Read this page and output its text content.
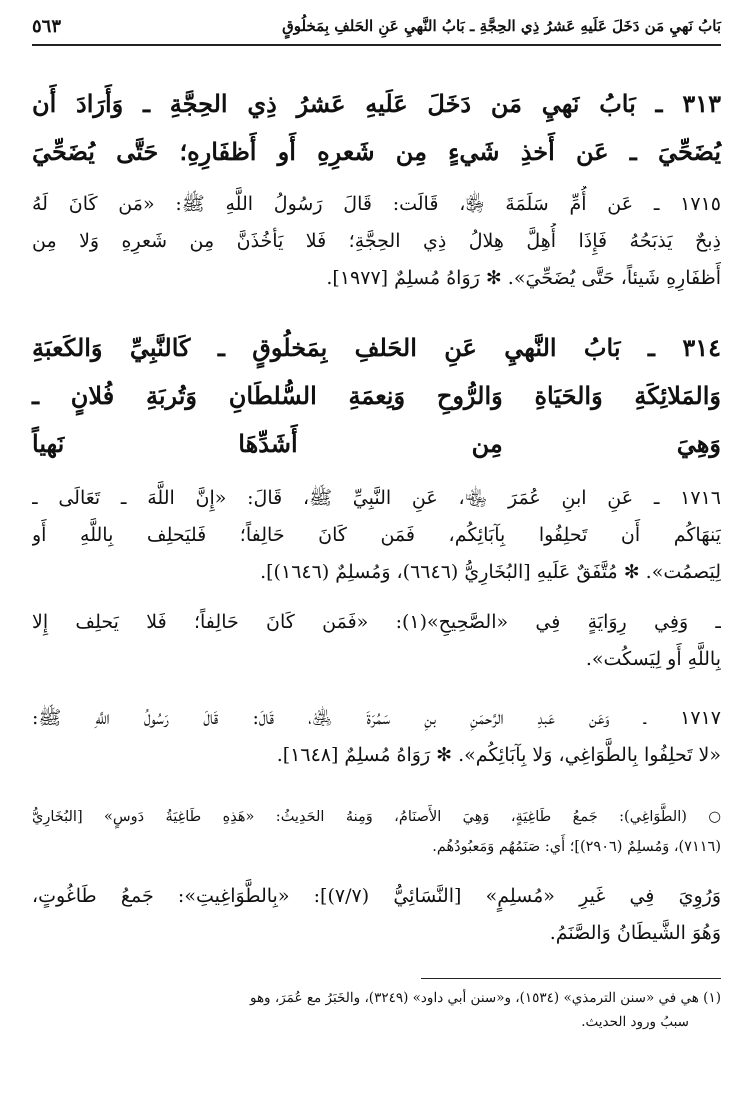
بَابُ نَهيِ مَن دَخَلَ عَلَيهِ عَشرُ ذِي الحِجَّةِ ـ بَابُ النَّهيِ عَنِ الحَلفِ بِمَخلُوقٍ
٥٦٣
٣١٣ ـ بَابُ نَهيِ مَن دَخَلَ عَلَيهِ عَشرُ ذِي الحِجَّةِ ـ وَأَرَادَ أَن
يُضَحِّيَ ـ عَن أَخذِ شَيءٍ مِن شَعرِهِ أَو أَظفَارِهِ؛ حَتَّى يُضَحِّيَ
١٧١٥ ـ عَن أُمِّ سَلَمَةَ ﵂، قَالَت: قَالَ رَسُولُ اللَّهِ ﷺ: «مَن كَانَ لَهُ
ذِبحٌ يَذبَحُهُ فَإِذَا أُهِلَّ هِلالُ ذِي الحِجَّةِ؛ فَلا يَأخُذَنَّ مِن شَعرِهِ وَلا مِن
أَظفَارِهِ شَيئاً، حَتَّى يُضَحِّيَ». ✻ رَوَاهُ مُسلِمٌ [١٩٧٧].
٣١٤ ـ بَابُ النَّهيِ عَنِ الحَلفِ بِمَخلُوقٍ ـ كَالنَّبِيِّ وَالكَعبَةِ
وَالمَلائِكَةِ وَالحَيَاةِ وَالرُّوحِ وَنِعمَةِ السُّلطَانِ وَتُربَةِ فُلانٍ ـ
وَهِيَ مِن أَشَدِّهَا نَهياً
١٧١٦ ـ عَنِ ابنِ عُمَرَ ﵄، عَنِ النَّبِيِّ ﷺ، قَالَ: «إِنَّ اللَّهَ ـ تَعَالَى ـ
يَنهَاكُم أَن تَحلِفُوا بِآبَائِكُم، فَمَن كَانَ حَالِفاً؛ فَليَحلِف بِاللَّهِ أَو
لِيَصمُت». ✻ مُتَّفَقٌ عَلَيهِ [البُخَارِيُّ (٦٦٤٦)، وَمُسلِمٌ (١٦٤٦)].
ـ وَفِي رِوَايَةٍ فِي «الصَّحِيحِ»(١): «فَمَن كَانَ حَالِفاً؛ فَلا يَحلِف إِلا
بِاللَّهِ أَو لِيَسكُت».
١٧١٧ ـ وَعَن عَبدِ الرَّحمَنِ بنِ سَمُرَةَ ﵁، قَالَ: قَالَ رَسُولُ اللَّهِ ﷺ:
«لا تَحلِفُوا بِالطَّوَاغِي، وَلا بِآبَائِكُم». ✻ رَوَاهُ مُسلِمٌ [١٦٤٨].
○ (الطَّوَاغِي): جَمعُ طَاغِيَةٍ، وَهِيَ الأَصنَامُ، وَمِنهُ الحَدِيثُ: «هَذِهِ طَاغِيَةُ دَوسٍ» [البُخَارِيُّ
(٧١١٦)، وَمُسلِمٌ (٢٩٠٦)]؛ أَي: صَنَمُهُم وَمَعبُودُهُم.
وَرُوِيَ فِي غَيرِ «مُسلِمٍ» [النَّسَائِيُّ (٧/٧)]: «بِالطَّوَاغِيتِ»: جَمعُ طَاغُوتٍ،
وَهُوَ الشَّيطَانُ وَالصَّنَمُ.
(١) هي في «سنن الترمذي» (١٥٣٤)، و«سنن أبي داود» (٣٢٤٩)، والخَبَرُ مع عُمَرَ، وهو
سببُ ورود الحديث.
